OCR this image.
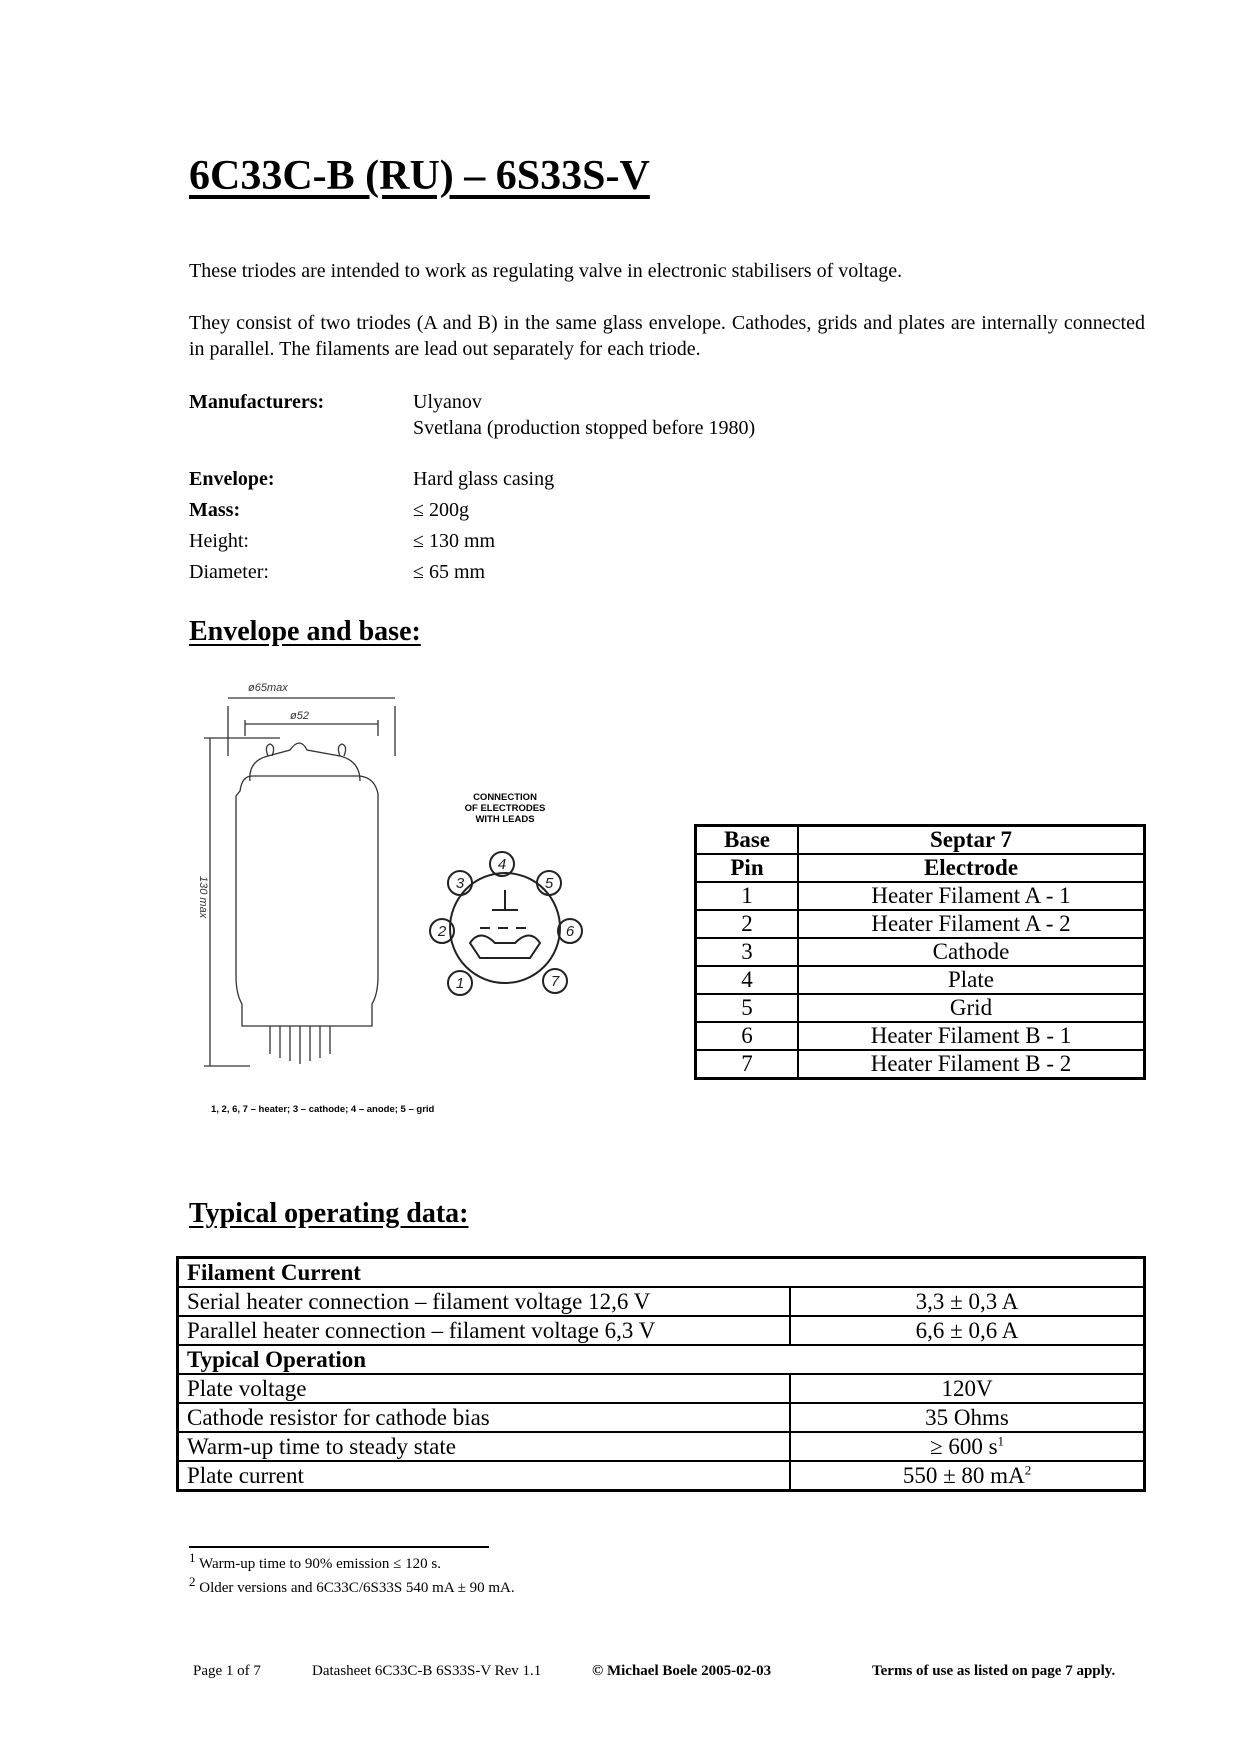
6C33C-B (RU) – 6S33S-V
These triodes are intended to work as regulating valve in electronic stabilisers of voltage.
They consist of two triodes (A and B) in the same glass envelope. Cathodes, grids and plates are internally connected in parallel. The filaments are lead out separately for each triode.
Manufacturers:	Ulyanov
Svetlana (production stopped before 1980)
Envelope:	Hard glass casing
Mass:	≤ 200g
Height:	≤ 130 mm
Diameter:	≤ 65 mm
Envelope and base:
ø65max
ø52
130 max
CONNECTION
OF ELECTRODES
WITH LEADS
4
3	5
2	6
1	7
1, 2, 6, 7 – heater; 3 – cathode; 4 – anode; 5 – grid
Base	Septar 7
Pin	Electrode
1	Heater Filament A - 1
2	Heater Filament A - 2
3	Cathode
4	Plate
5	Grid
6	Heater Filament B - 1
7	Heater Filament B - 2
Typical operating data:
Filament Current	
Serial heater connection – filament voltage 12,6 V	3,3 ± 0,3 A
Parallel heater connection – filament voltage 6,3 V	6,6 ± 0,6 A
Typical Operation	
Plate voltage	120V
Cathode resistor for cathode bias	35 Ohms
Warm-up time to steady state	≥ 600 $s^1$
Plate current	550 ± 80 $mA^2$
$^1$ Warm-up time to 90% emission ≤ 120 s.
$^2$ Older versions and 6C33C/6S33S 540 mA ± 90 mA.
Page 1 of 7	Datasheet 6C33C-B 6S33S-V Rev 1.1	© Michael Boele 2005-02-03	Terms of use as listed on page 7 apply.
